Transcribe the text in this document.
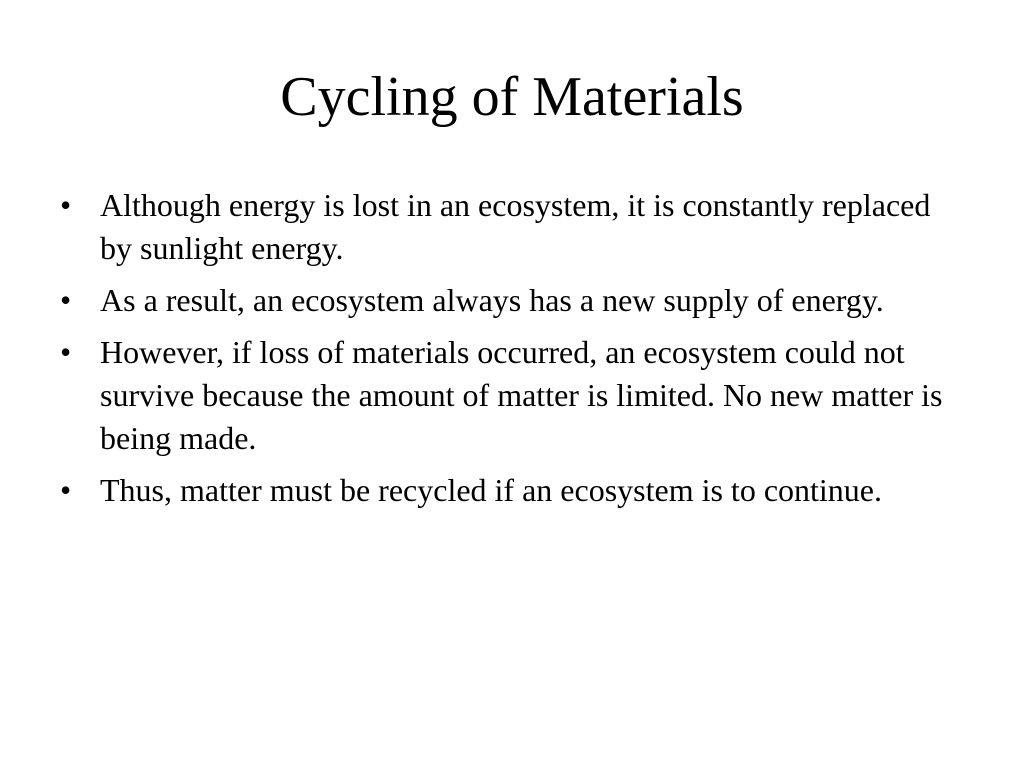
Cycling of Materials
• Although energy is lost in an ecosystem, it is constantly replaced by sunlight energy.
• As a result, an ecosystem always has a new supply of energy.
• However, if loss of materials occurred, an ecosystem could not survive because the amount of matter is limited. No new matter is being made.
• Thus, matter must be recycled if an ecosystem is to continue.
